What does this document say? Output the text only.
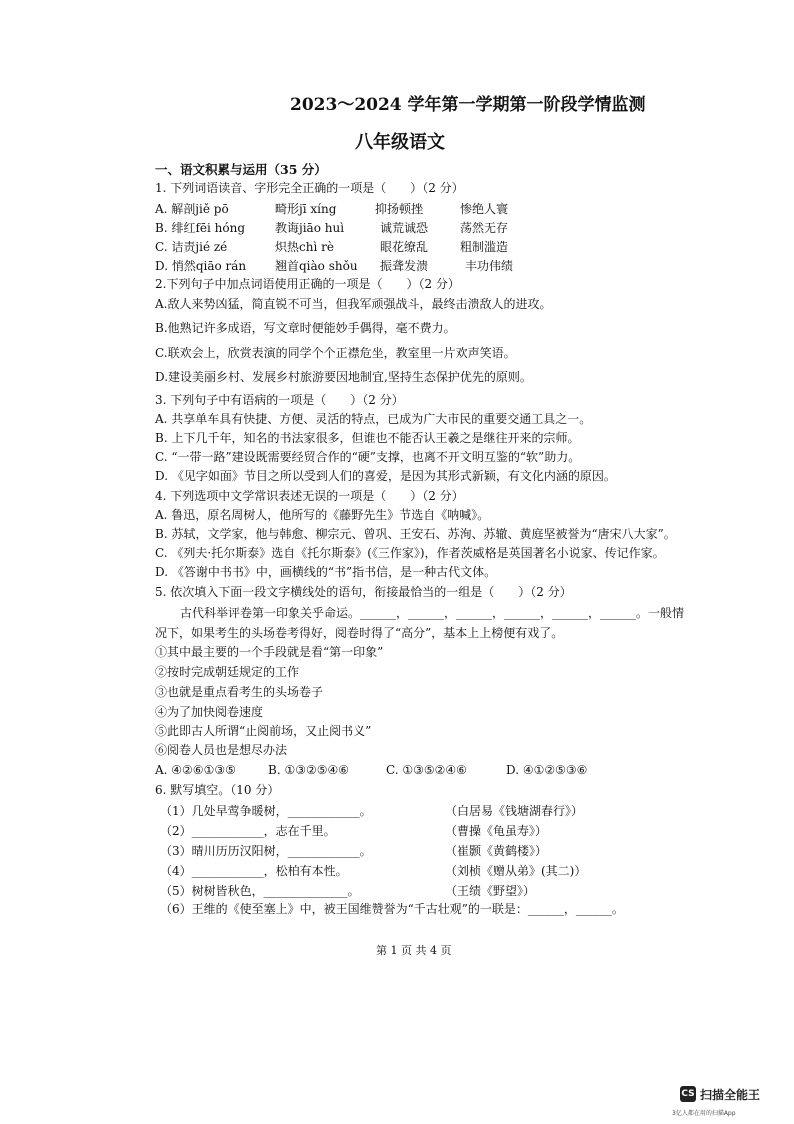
2023～2024 学年第一学期第一阶段学情监测
八年级语文
一、语文积累与运用（35 分）
1. 下列词语读音、字形完全正确的一项是（　　）（2 分）
A. 解剖jiě pō	畸形jī xíng	抑扬顿挫	惨绝人寰
B. 绯红fēi hóng 教诲jiāo huì	诚荒诚恐	荡然无存
C. 诘责jié zé	炽热chì rè	眼花缭乱	粗制滥造
D. 悄然qiāo rán 翘首qiào shǒu 振聋发溃	丰功伟绩
2.下列句子中加点词语使用正确的一项是（　　）（2 分）
A.敌人来势凶猛，简直锐不可当，但我军顽强战斗，最终击溃敌人的进攻。
B.他熟记许多成语，写文章时便能妙手偶得，毫不费力。
C.联欢会上，欣赏表演的同学个个正襟危坐，教室里一片欢声笑语。
D.建设美丽乡村、发展乡村旅游要因地制宜,坚持生态保护优先的原则。
3. 下列句子中有语病的一项是（　　）（2 分）
A. 共享单车具有快捷、方便、灵活的特点，已成为广大市民的重要交通工具之一。
B. 上下几千年，知名的书法家很多，但谁也不能否认王羲之是继往开来的宗师。
C. “一带一路”建设既需要经贸合作的“硬”支撑，也离不开文明互鉴的“软”助力。
D. 《见字如面》节目之所以受到人们的喜爱，是因为其形式新颖，有文化内涵的原因。
4. 下列选项中文学常识表述无误的一项是（　　）（2 分）
A. 鲁迅，原名周树人，他所写的《藤野先生》节选自《呐喊》。
B. 苏轼，文学家，他与韩愈、柳宗元、曾巩、王安石、苏洵、苏辙、黄庭坚被誉为“唐宋八大家”。
C. 《列夫·托尔斯泰》选自《托尔斯泰》(《三作家》)，作者茨威格是英国著名小说家、传记作家。
D. 《答谢中书书》中，画横线的“书”指书信，是一种古代文体。
5. 依次填入下面一段文字横线处的语句，衔接最恰当的一组是（　　）（2 分）
古代科举评卷第一印象关乎命运。______，______，______，______，______，______。一般情
况下，如果考生的头场卷考得好，阅卷时得了“高分”，基本上上榜便有戏了。
①其中最主要的一个手段就是看“第一印象”
②按时完成朝廷规定的工作
③也就是重点看考生的头场卷子
④为了加快阅卷速度
⑤此即古人所谓“止阅前场，又止阅书义”
⑥阅卷人员也是想尽办法
A. ④②⑥①③⑤	B. ①③②⑤④⑥	C. ①③⑤②④⑥	D. ④①②⑤③⑥
6. 默写填空。（10 分）
（1）几处早莺争暖树，____________。	（白居易《钱塘湖春行》）
（2）____________，志在千里。	（曹操《龟虽寿》）
（3）晴川历历汉阳树，____________。	（崔颢《黄鹤楼》）
（4）____________，松柏有本性。	（刘桢《赠从弟》(其二)）
（5）树树皆秋色，______________。	（王绩《野望》）
（6）王维的《使至塞上》中，被王国维赞誉为“千古壮观”的一联是：______，______。
第 1 页 共 4 页
CS 扫描全能王
3亿人都在用的扫描App
